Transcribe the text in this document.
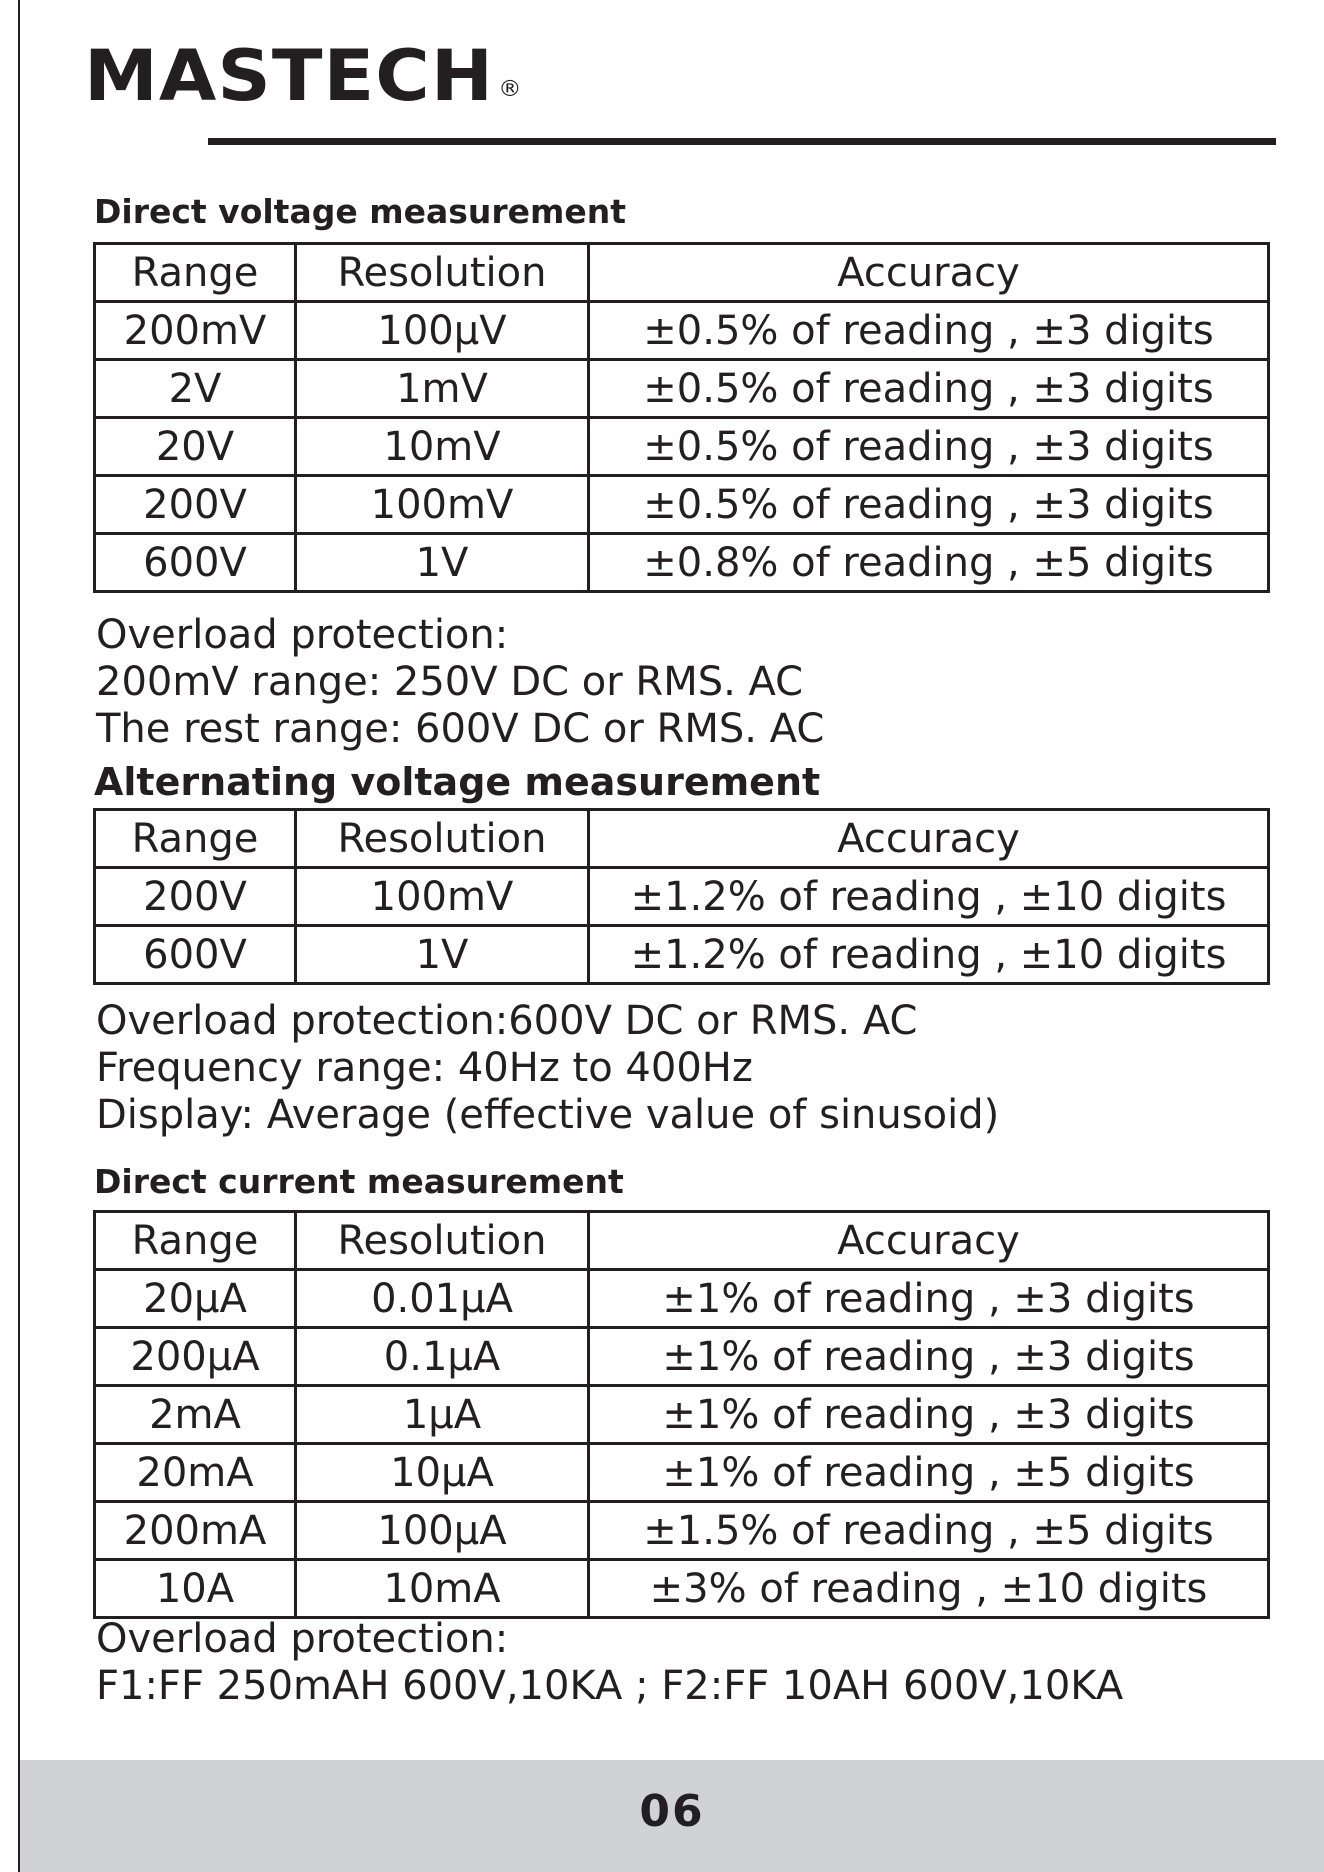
MASTECH ®
Direct voltage measurement
Range	Resolution	Accuracy
200mV	100μV	±0.5% of reading , ±3 digits
2V	1mV	±0.5% of reading , ±3 digits
20V	10mV	±0.5% of reading , ±3 digits
200V	100mV	±0.5% of reading , ±3 digits
600V	1V	±0.8% of reading , ±5 digits
Overload protection:
200mV range: 250V DC or RMS. AC
The rest range: 600V DC or RMS. AC
Alternating voltage measurement
Range	Resolution	Accuracy
200V	100mV	±1.2% of reading , ±10 digits
600V	1V	±1.2% of reading , ±10 digits
Overload protection:600V DC or RMS. AC
Frequency range: 40Hz to 400Hz
Display: Average (effective value of sinusoid)
Direct current measurement
Range	Resolution	Accuracy
20μA	0.01μA	±1% of reading , ±3 digits
200μA	0.1μA	±1% of reading , ±3 digits
2mA	1μA	±1% of reading , ±3 digits
20mA	10μA	±1% of reading , ±5 digits
200mA	100μA	±1.5% of reading , ±5 digits
10A	10mA	±3% of reading , ±10 digits
Overload protection:
F1:FF 250mAH 600V,10KA ; F2:FF 10AH 600V,10KA
06
